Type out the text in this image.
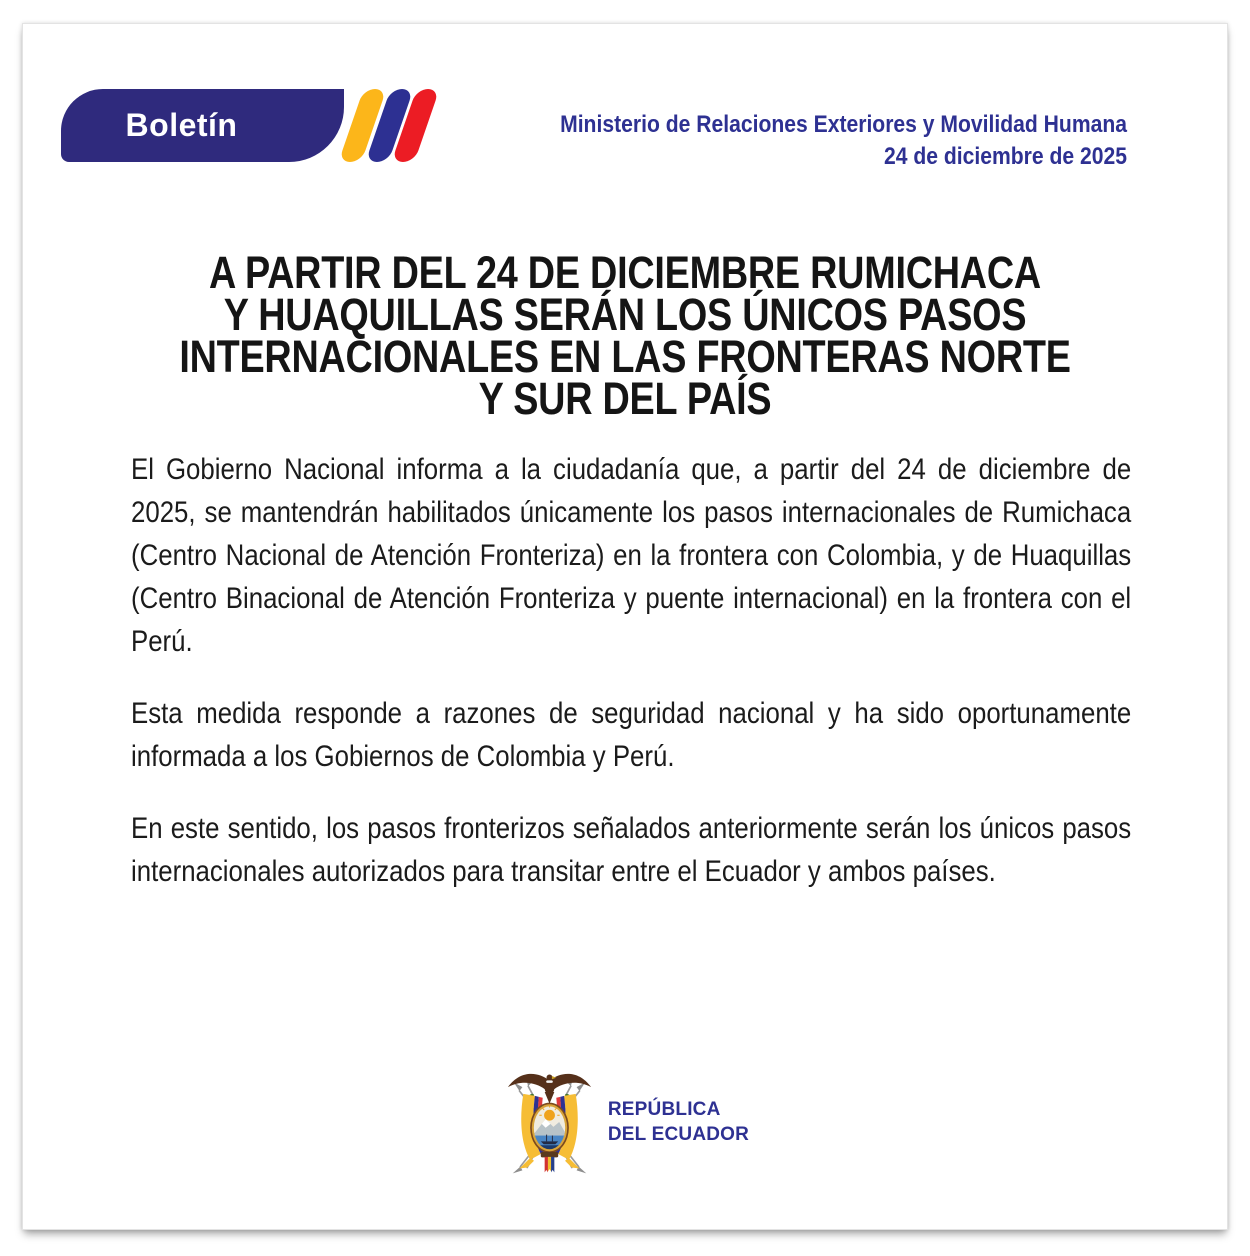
Boletín	Ministerio de Relaciones Exteriores y Movilidad Humana
24 de diciembre de 2025
A PARTIR DEL 24 DE DICIEMBRE RUMICHACA
Y HUAQUILLAS SERÁN LOS ÚNICOS PASOS
INTERNACIONALES EN LAS FRONTERAS NORTE
Y SUR DEL PAÍS

El Gobierno Nacional informa a la ciudadanía que, a partir del 24 de diciembre de 2025, se mantendrán habilitados únicamente los pasos internacionales de Rumichaca (Centro Nacional de Atención Fronteriza) en la frontera con Colombia, y de Huaquillas (Centro Binacional de Atención Fronteriza y puente internacional) en la frontera con el Perú.

Esta medida responde a razones de seguridad nacional y ha sido oportunamente informada a los Gobiernos de Colombia y Perú.

En este sentido, los pasos fronterizos señalados anteriormente serán los únicos pasos internacionales autorizados para transitar entre el Ecuador y ambos países.

REPÚBLICA
DEL ECUADOR
